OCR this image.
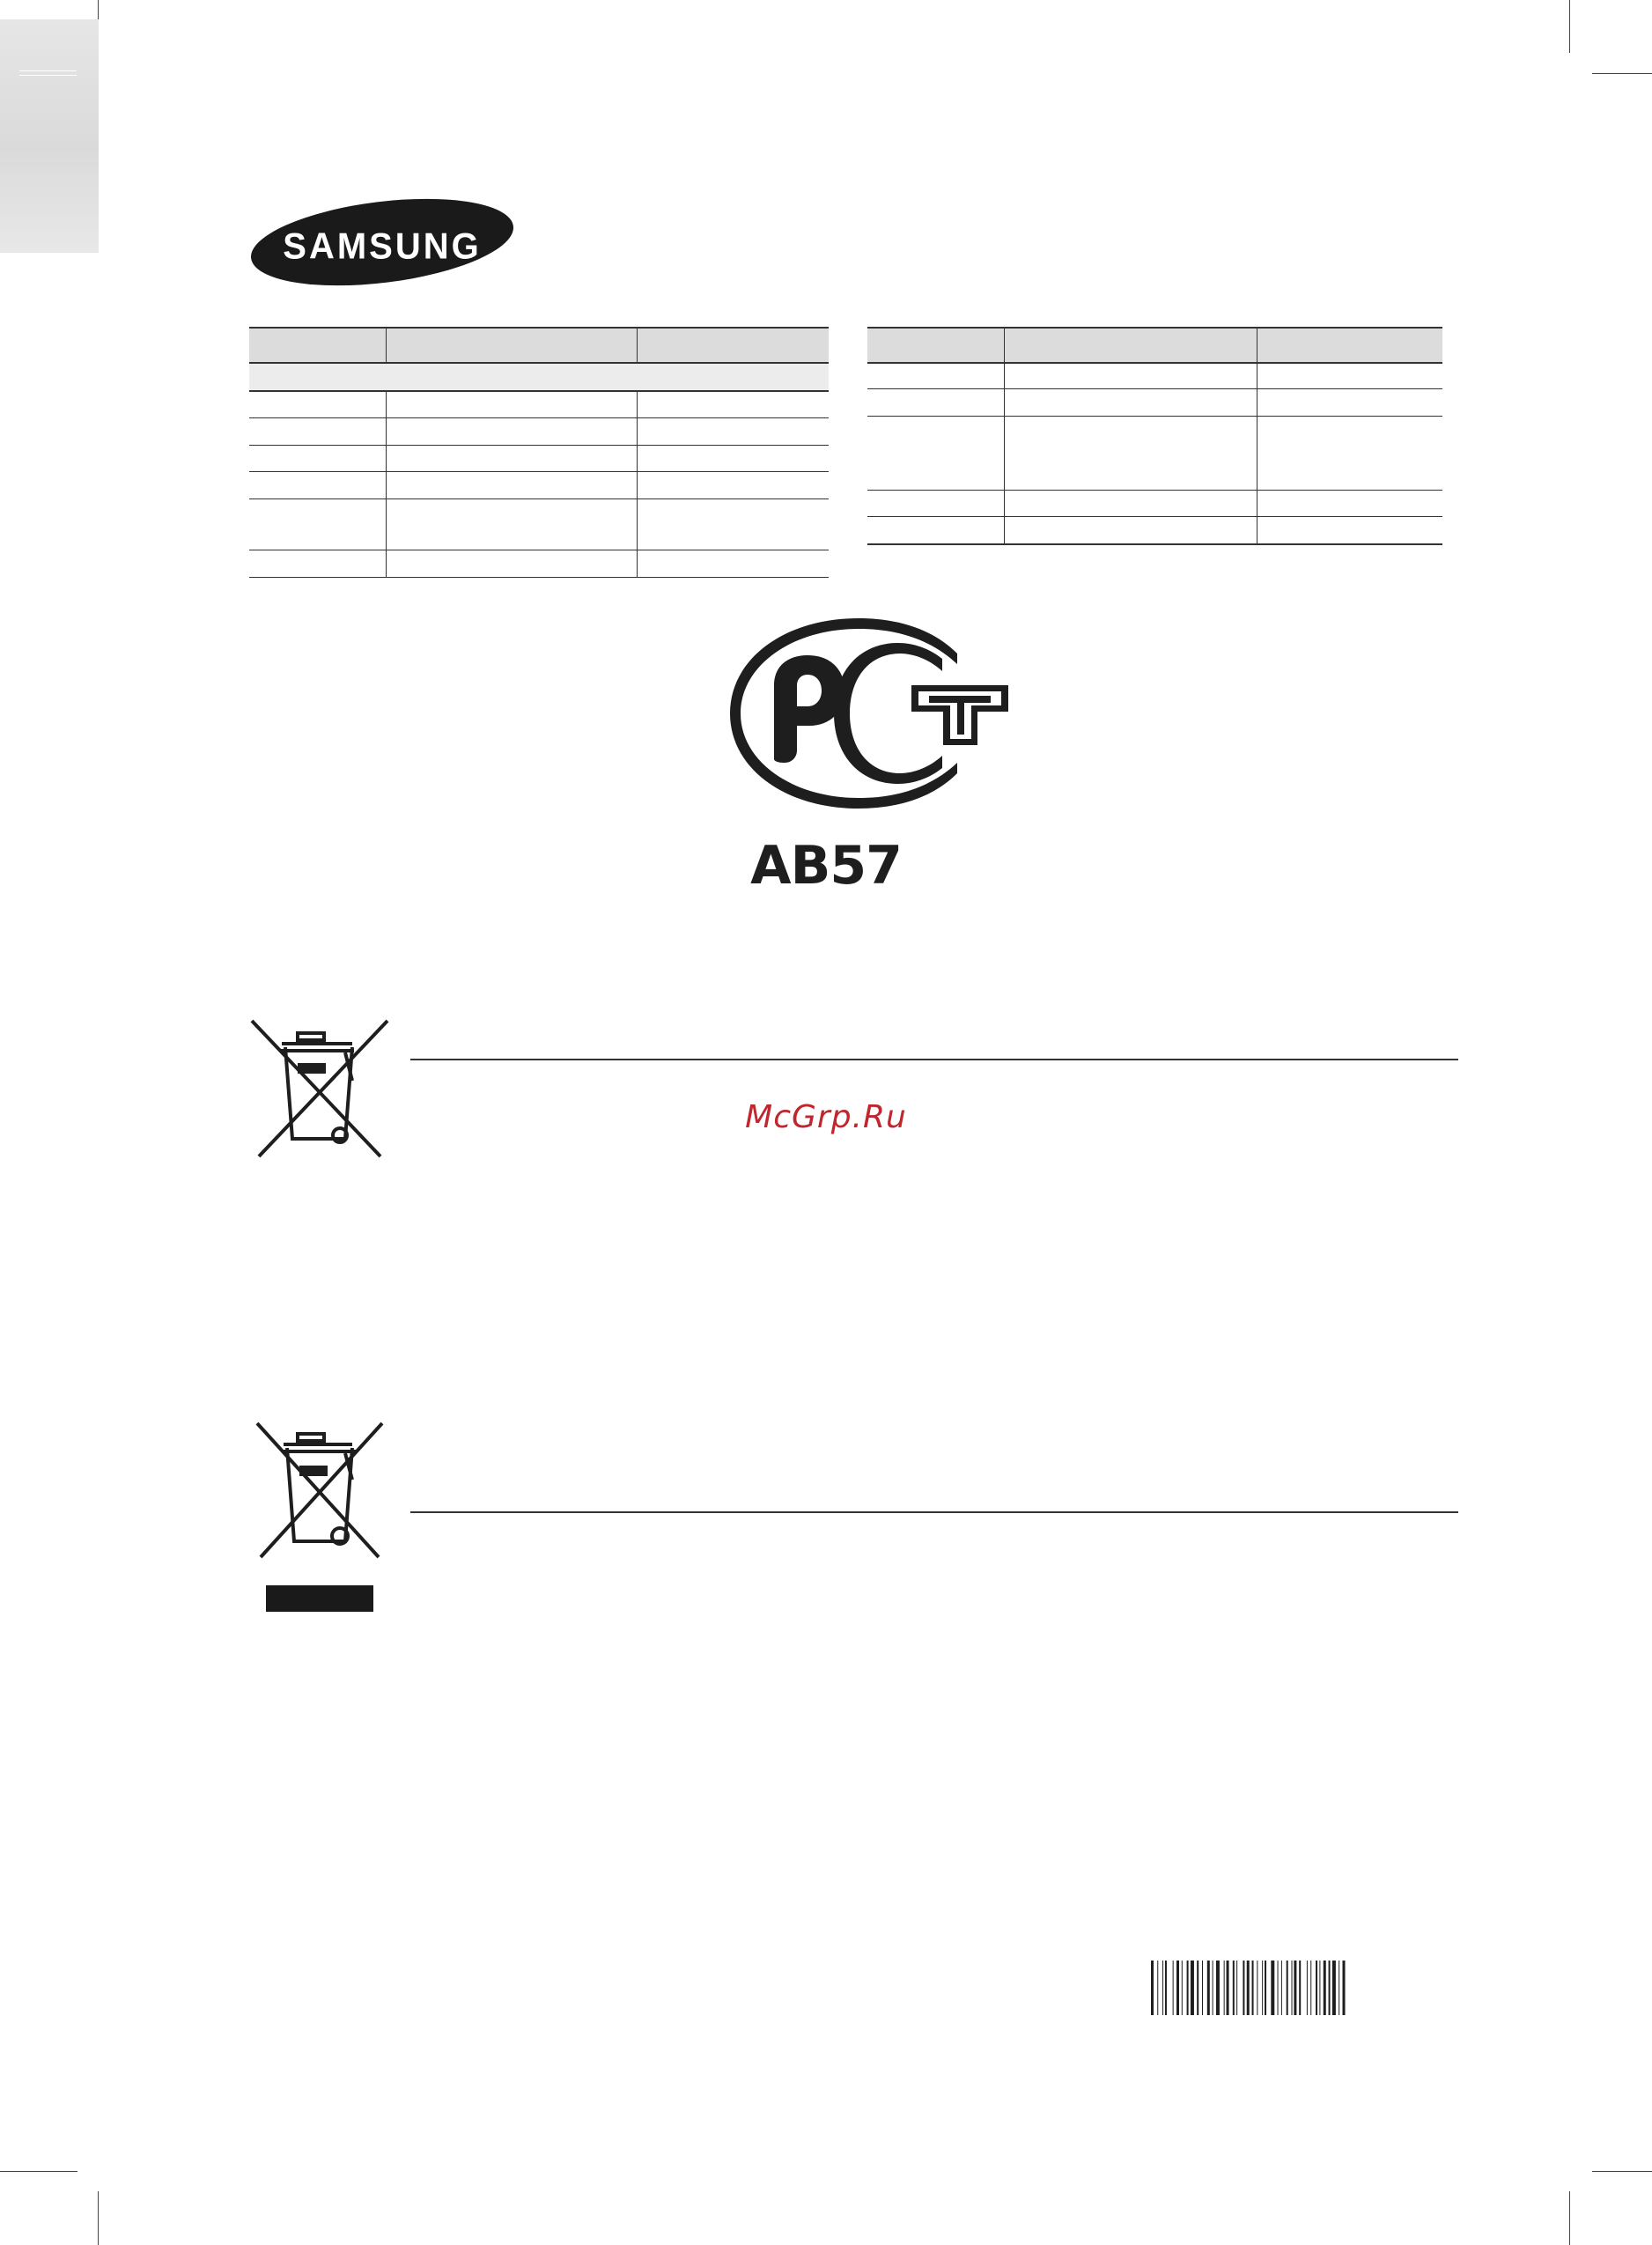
SAMSUNG
AB57
McGrp.Ru
